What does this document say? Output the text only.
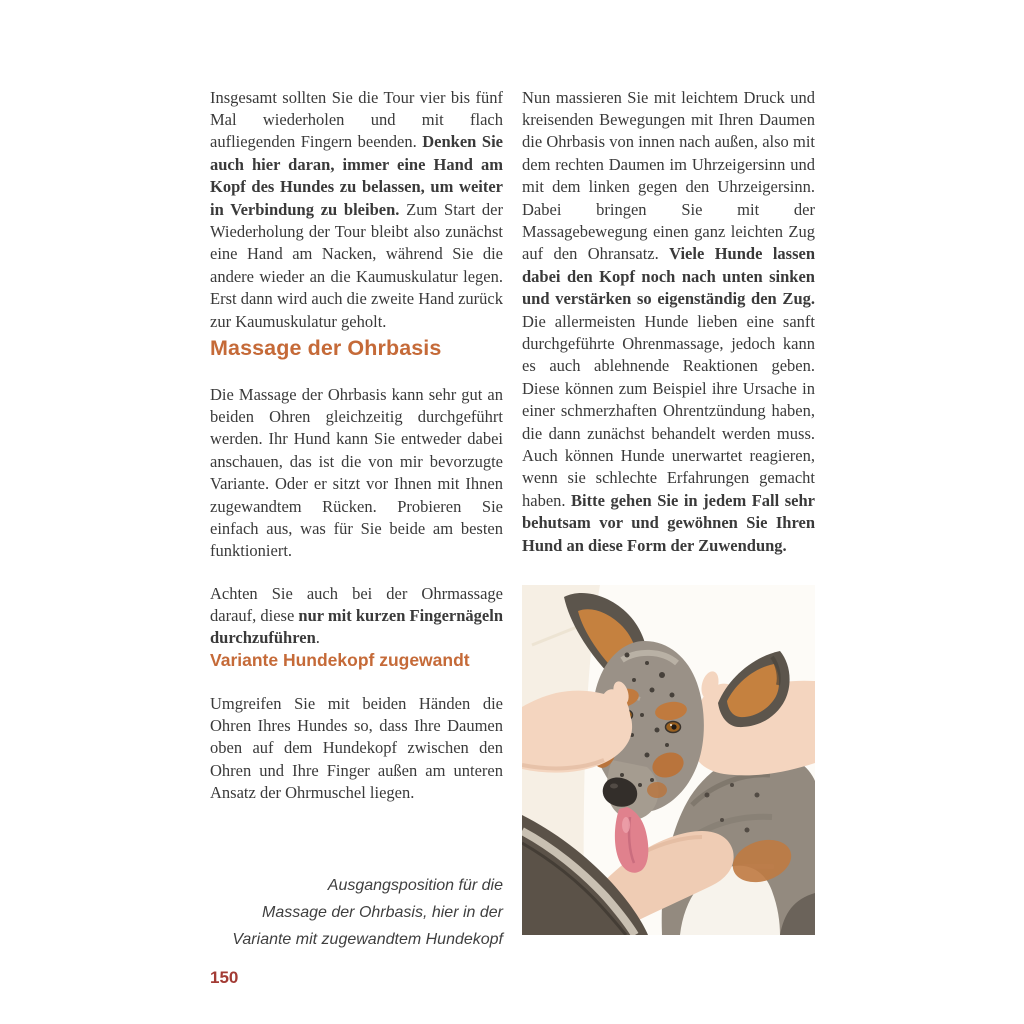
Insgesamt sollten Sie die Tour vier bis fünf Mal wiederholen und mit flach aufliegenden Fingern beenden. Denken Sie auch hier daran, immer eine Hand am Kopf des Hundes zu belassen, um weiter in Verbindung zu bleiben. Zum Start der Wiederholung der Tour bleibt also zunächst eine Hand am Nacken, während Sie die andere wieder an die Kaumuskulatur legen. Erst dann wird auch die zweite Hand zurück zur Kaumuskulatur geholt.

Massage der Ohrbasis

Die Massage der Ohrbasis kann sehr gut an beiden Ohren gleichzeitig durchgeführt werden. Ihr Hund kann Sie entweder dabei anschauen, das ist die von mir bevorzugte Variante. Oder er sitzt vor Ihnen mit Ihnen zugewandtem Rücken. Probieren Sie einfach aus, was für Sie beide am besten funktioniert.

Achten Sie auch bei der Ohrmassage darauf, diese nur mit kurzen Fingernägeln durchzuführen.

Variante Hundekopf zugewandt

Umgreifen Sie mit beiden Händen die Ohren Ihres Hundes so, dass Ihre Daumen oben auf dem Hundekopf zwischen den Ohren und Ihre Finger außen am unteren Ansatz der Ohrmuschel liegen.

Ausgangsposition für die
Massage der Ohrbasis, hier in der
Variante mit zugewandtem Hundekopf
150

Nun massieren Sie mit leichtem Druck und kreisenden Bewegungen mit Ihren Daumen die Ohrbasis von innen nach außen, also mit dem rechten Daumen im Uhrzeigersinn und mit dem linken gegen den Uhrzeigersinn. Dabei bringen Sie mit der Massagebewegung einen ganz leichten Zug auf den Ohransatz. Viele Hunde lassen dabei den Kopf noch nach unten sinken und verstärken so eigenständig den Zug. Die allermeisten Hunde lieben eine sanft durchgeführte Ohrenmassage, jedoch kann es auch ablehnende Reaktionen geben. Diese können zum Beispiel ihre Ursache in einer schmerzhaften Ohrentzündung haben, die dann zunächst behandelt werden muss. Auch können Hunde unerwartet reagieren, wenn sie schlechte Erfahrungen gemacht haben. Bitte gehen Sie in jedem Fall sehr behutsam vor und gewöhnen Sie Ihren Hund an diese Form der Zuwendung.
